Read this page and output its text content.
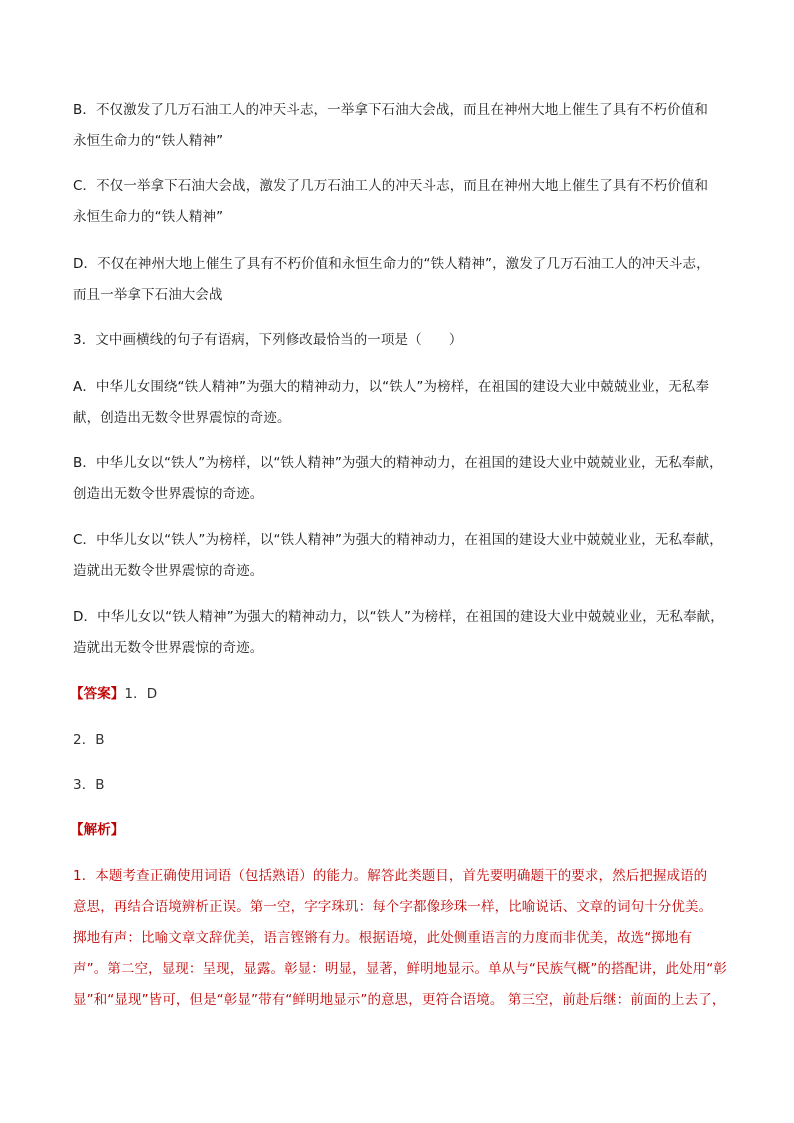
B．不仅激发了几万石油工人的冲天斗志，一举拿下石油大会战，而且在神州大地上催生了具有不朽价值和
永恒生命力的“铁人精神”
C．不仅一举拿下石油大会战，激发了几万石油工人的冲天斗志，而且在神州大地上催生了具有不朽价值和
永恒生命力的“铁人精神”
D．不仅在神州大地上催生了具有不朽价值和永恒生命力的“铁人精神”，激发了几万石油工人的冲天斗志，
而且一举拿下石油大会战
3．文中画横线的句子有语病，下列修改最恰当的一项是（　　）
A．中华儿女围绕“铁人精神”为强大的精神动力，以“铁人”为榜样，在祖国的建设大业中兢兢业业，无私奉
献，创造出无数令世界震惊的奇迹。
B．中华儿女以“铁人”为榜样，以“铁人精神”为强大的精神动力，在祖国的建设大业中兢兢业业，无私奉献，
创造出无数令世界震惊的奇迹。
C．中华儿女以“铁人”为榜样，以“铁人精神”为强大的精神动力，在祖国的建设大业中兢兢业业，无私奉献，
造就出无数令世界震惊的奇迹。
D．中华儿女以“铁人精神”为强大的精神动力，以“铁人”为榜样，在祖国的建设大业中兢兢业业，无私奉献，
造就出无数令世界震惊的奇迹。
【答案】1．D
2．B
3．B
【解析】
1．本题考查正确使用词语（包括熟语）的能力。解答此类题目，首先要明确题干的要求，然后把握成语的
意思，再结合语境辨析正误。第一空，字字珠玑：每个字都像珍珠一样，比喻说话、文章的词句十分优美。
掷地有声：比喻文章文辞优美，语言铿锵有力。根据语境，此处侧重语言的力度而非优美，故选“掷地有
声”。第二空，显现：呈现，显露。彰显：明显，显著，鲜明地显示。单从与“民族气概”的搭配讲，此处用“彰
显”和“显现”皆可，但是“彰显”带有“鲜明地显示”的意思，更符合语境。 第三空，前赴后继：前面的上去了，
